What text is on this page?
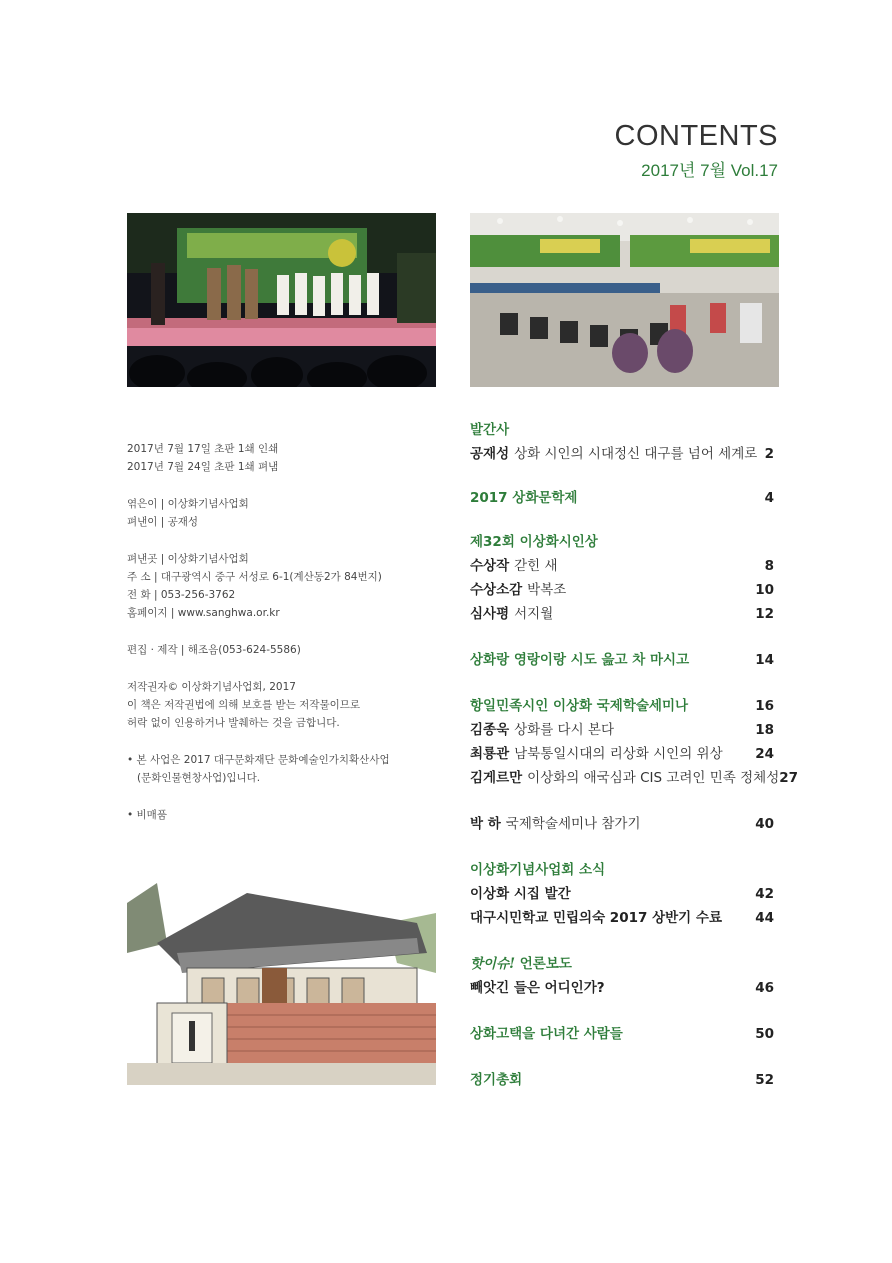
CONTENTS
2017년 7월 Vol.17
2017년 7월 17일 초판 1쇄 인쇄
2017년 7월 24일 초판 1쇄 펴냄
엮은이 | 이상화기념사업회
펴낸이 | 공재성
펴낸곳 | 이상화기념사업회
주 소 | 대구광역시 중구 서성로 6-1(계산동2가 84번지)
전 화 | 053-256-3762
홈페이지 | www.sanghwa.or.kr
편집 · 제작 | 해조음(053-624-5586)
저작권자© 이상화기념사업회, 2017
이 책은 저작권법에 의해 보호를 받는 저작물이므로
허락 없이 인용하거나 발췌하는 것을 금합니다.
• 본 사업은 2017 대구문화재단 문화예술인가치확산사업 (문화인물현창사업)입니다.
• 비매품
발간사
공재성 상화 시인의 시대정신 대구를 넘어 세계로 2
2017 상화문학제	4
제32회 이상화시인상
수상작 갇힌 새	8
수상소감 박복조	10
심사평 서지월	12
상화랑 영랑이랑 시도 읊고 차 마시고	14
항일민족시인 이상화 국제학술세미나	16
김종욱 상화를 다시 본다	18
최룡관 남북통일시대의 리상화 시인의 위상 24
김게르만 이상화의 애국심과 CIS 고려인 민족 정체성 27
박 하 국제학술세미나 참가기	40
이상화기념사업회 소식
이상화 시집 발간	42
대구시민학교 민립의숙 2017 상반기 수료 44
핫이슈! 언론보도
빼앗긴 들은 어디인가?	46
상화고택을 다녀간 사람들	50
정기총회	52
